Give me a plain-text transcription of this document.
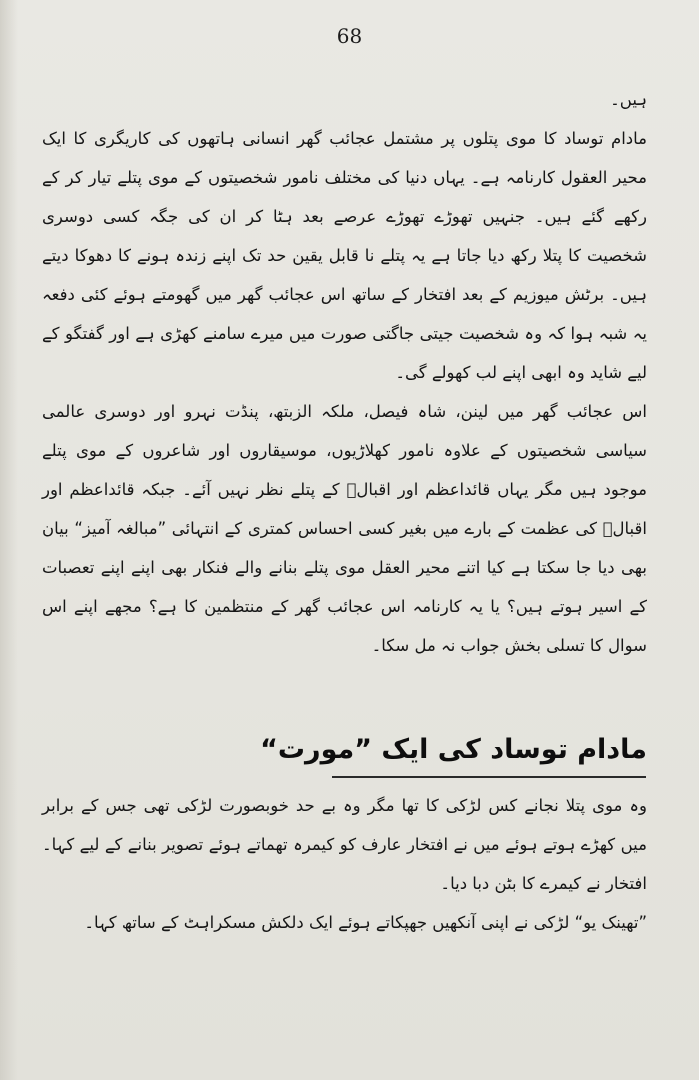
68

ہیں۔

مادام توساد کا موی پتلوں پر مشتمل عجائب گھر انسانی ہاتھوں کی کاریگری کا ایک محیر العقول کارنامہ ہے۔ یہاں دنیا کی مختلف نامور شخصیتوں کے موی پتلے تیار کر کے رکھے گئے ہیں۔ جنہیں تھوڑے تھوڑے عرصے بعد ہٹا کر ان کی جگہ کسی دوسری شخصیت کا پتلا رکھ دیا جاتا ہے یہ پتلے نا قابل یقین حد تک اپنے زندہ ہونے کا دھوکا دیتے ہیں۔ برٹش میوزیم کے بعد افتخار کے ساتھ اس عجائب گھر میں گھومتے ہوئے کئی دفعہ یہ شبہ ہوا کہ وہ شخصیت جیتی جاگتی صورت میں میرے سامنے کھڑی ہے اور گفتگو کے لیے شاید وہ ابھی اپنے لب کھولے گی۔

اس عجائب گھر میں لینن، شاہ فیصل، ملکہ الزبتھ، پنڈت نہرو اور دوسری عالمی سیاسی شخصیتوں کے علاوہ نامور کھلاڑیوں، موسیقاروں اور شاعروں کے موی پتلے موجود ہیں مگر یہاں قائداعظم اور اقبالؒ کے پتلے نظر نہیں آئے۔ جبکہ قائداعظم اور اقبالؒ کی عظمت کے بارے میں بغیر کسی احساس کمتری کے انتہائی ”مبالغہ آمیز“ بیان بھی دیا جا سکتا ہے کیا اتنے محیر العقل موی پتلے بنانے والے فنکار بھی اپنے اپنے تعصبات کے اسیر ہوتے ہیں؟ یا یہ کارنامہ اس عجائب گھر کے منتظمین کا ہے؟ مجھے اپنے اس سوال کا تسلی بخش جواب نہ مل سکا۔

مادام توساد کی ایک ”مورت“

وہ موی پتلا نجانے کس لڑکی کا تھا مگر وہ بے حد خوبصورت لڑکی تھی جس کے برابر میں کھڑے ہوتے ہوئے میں نے افتخار عارف کو کیمرہ تھماتے ہوئے تصویر بنانے کے لیے کہا۔ افتخار نے کیمرے کا بٹن دبا دیا۔

”تھینک یو“ لڑکی نے اپنی آنکھیں جھپکاتے ہوئے ایک دلکش مسکراہٹ کے ساتھ کہا۔
